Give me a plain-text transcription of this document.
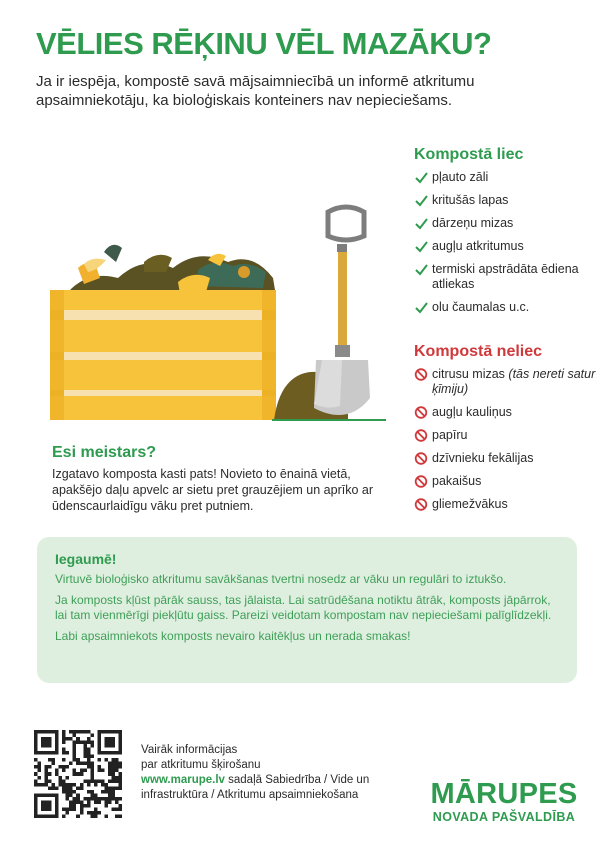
VĒLIES RĒĶINU VĒL MAZĀKU?

Ja ir iespēja, kompostē savā mājsaimniecībā un informē atkritumu apsaimniekotāju, ka bioloģiskais konteiners nav nepieciešams.

Kompostā liec
pļauto zāli
kritušās lapas
dārzeņu mizas
augļu atkritumus
termiski apstrādāta ēdiena atliekas
olu čaumalas u.c.
Kompostā neliec
citrusu mizas (tās nereti satur ķīmiju)
augļu kauliņus
papīru
dzīvnieku fekālijas
pakaišus
gliemežvākus
Esi meistars?

Izgatavo komposta kasti pats! Novieto to ēnainā vietā, apakšējo daļu apvelc ar sietu pret grauzējiem un aprīko ar ūdenscaurlaidīgu vāku pret putniem.

Iegaumē!

Virtuvē bioloģisko atkritumu savākšanas tvertni nosedz ar vāku un regulāri to iztukšo.

Ja komposts kļūst pārāk sauss, tas jālaista. Lai satrūdēšana notiktu ātrāk, komposts jāpārrok, lai tam vienmērīgi piekļūtu gaiss. Pareizi veidotam kompostam nav nepieciešami palīglīdzekļi.

Labi apsaimniekots komposts nevairo kaitēkļus un nerada smakas!

Vairāk informācijas
par atkritumu šķirošanu
www.marupe.lv sadaļā Sabiedrība / Vide un infrastruktūra / Atkritumu apsaimniekošana	MĀRUPES
NOVADA PAŠVALDĪBA
